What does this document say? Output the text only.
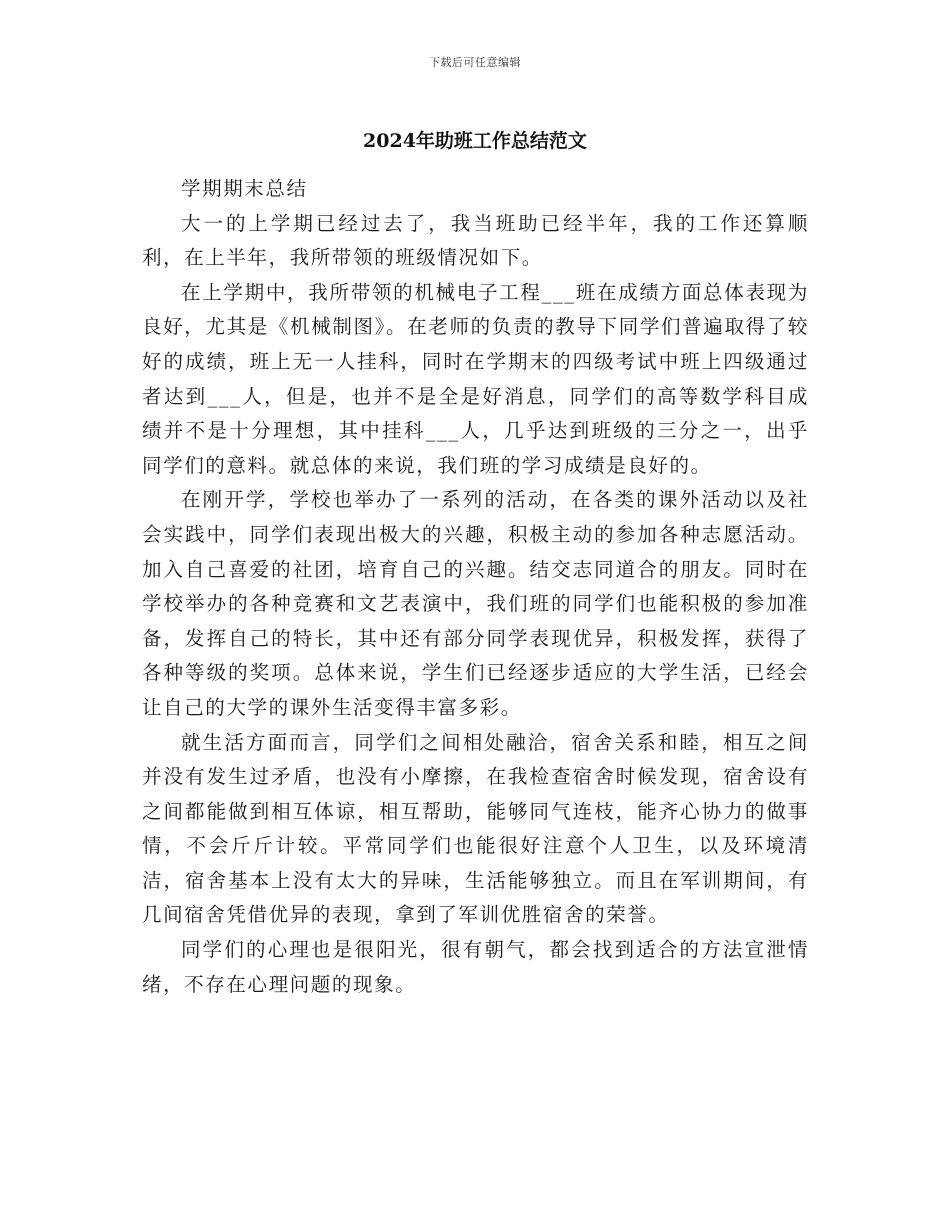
下载后可任意编辑
2024年助班工作总结范文

学期期末总结

大一的上学期已经过去了，我当班助已经半年，我的工作还算顺利，在上半年，我所带领的班级情况如下。

在上学期中，我所带领的机械电子工程___班在成绩方面总体表现为良好，尤其是《机械制图》。在老师的负责的教导下同学们普遍取得了较好的成绩，班上无一人挂科，同时在学期末的四级考试中班上四级通过者达到___人，但是，也并不是全是好消息，同学们的高等数学科目成绩并不是十分理想，其中挂科___人，几乎达到班级的三分之一，出乎同学们的意料。就总体的来说，我们班的学习成绩是良好的。

在刚开学，学校也举办了一系列的活动，在各类的课外活动以及社会实践中，同学们表现出极大的兴趣，积极主动的参加各种志愿活动。加入自己喜爱的社团，培育自己的兴趣。结交志同道合的朋友。同时在学校举办的各种竞赛和文艺表演中，我们班的同学们也能积极的参加准备，发挥自己的特长，其中还有部分同学表现优异，积极发挥，获得了各种等级的奖项。总体来说，学生们已经逐步适应的大学生活，已经会让自己的大学的课外生活变得丰富多彩。

就生活方面而言，同学们之间相处融洽，宿舍关系和睦，相互之间并没有发生过矛盾，也没有小摩擦，在我检查宿舍时候发现，宿舍设有之间都能做到相互体谅，相互帮助，能够同气连枝，能齐心协力的做事情，不会斤斤计较。平常同学们也能很好注意个人卫生，以及环境清洁，宿舍基本上没有太大的异味，生活能够独立。而且在军训期间，有几间宿舍凭借优异的表现，拿到了军训优胜宿舍的荣誉。

同学们的心理也是很阳光，很有朝气，都会找到适合的方法宣泄情绪，不存在心理问题的现象。
